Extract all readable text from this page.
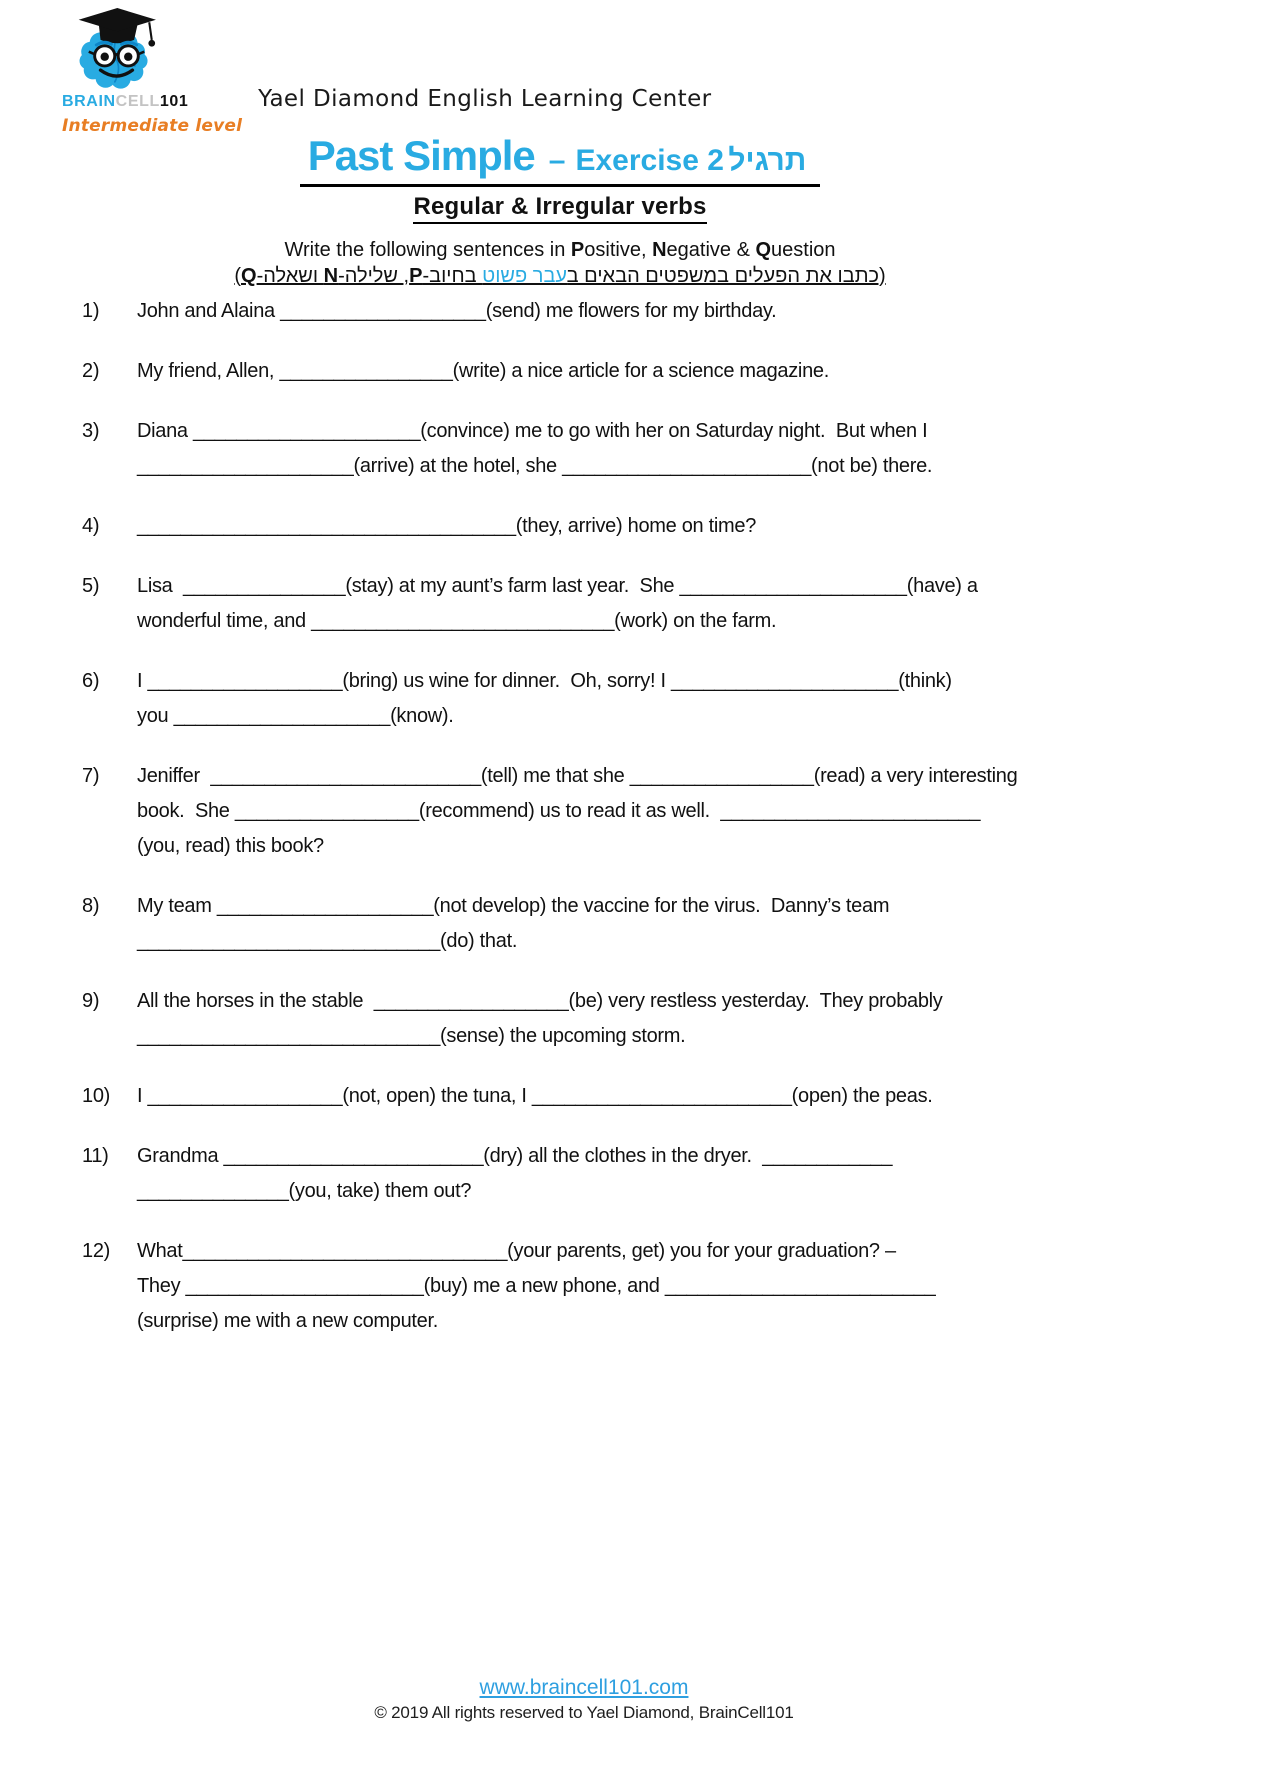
BRAINCELL101
Intermediate level
Yael Diamond English Learning Center
Past Simple – Exercise 2 תרגיל
Regular & Irregular verbs
Write the following sentences in Positive, Negative & Question
(כתבו את הפעלים במשפטים הבאים בעבר פשוט בחיוב-P, שלילה-N ושאלה-Q)
1)	John and Alaina ___________________(send) me flowers for my birthday.
2)	My friend, Allen, ________________(write) a nice article for a science magazine.
3)	Diana _____________________(convince) me to go with her on Saturday night.  But when I
____________________(arrive) at the hotel, she _______________________(not be) there.
4)	___________________________________(they, arrive) home on time?
5)	Lisa  _______________(stay) at my aunt’s farm last year.  She _____________________(have) a
wonderful time, and ____________________________(work) on the farm.
6)	I __________________(bring) us wine for dinner.  Oh, sorry! I _____________________(think)
you ____________________(know).
7)	Jeniffer  _________________________(tell) me that she _________________(read) a very interesting
book.  She _________________(recommend) us to read it as well.  ________________________
(you, read) this book?
8)	My team ____________________(not develop) the vaccine for the virus.  Danny’s team
____________________________(do) that.
9)	All the horses in the stable  __________________(be) very restless yesterday.  They probably
____________________________(sense) the upcoming storm.
10)	I __________________(not, open) the tuna, I ________________________(open) the peas.
11)	Grandma ________________________(dry) all the clothes in the dryer.  ____________
______________(you, take) them out?
12)	What______________________________(your parents, get) you for your graduation? –
They ______________________(buy) me a new phone, and _________________________
(surprise) me with a new computer.
www.braincell101.com
© 2019 All rights reserved to Yael Diamond, BrainCell101
